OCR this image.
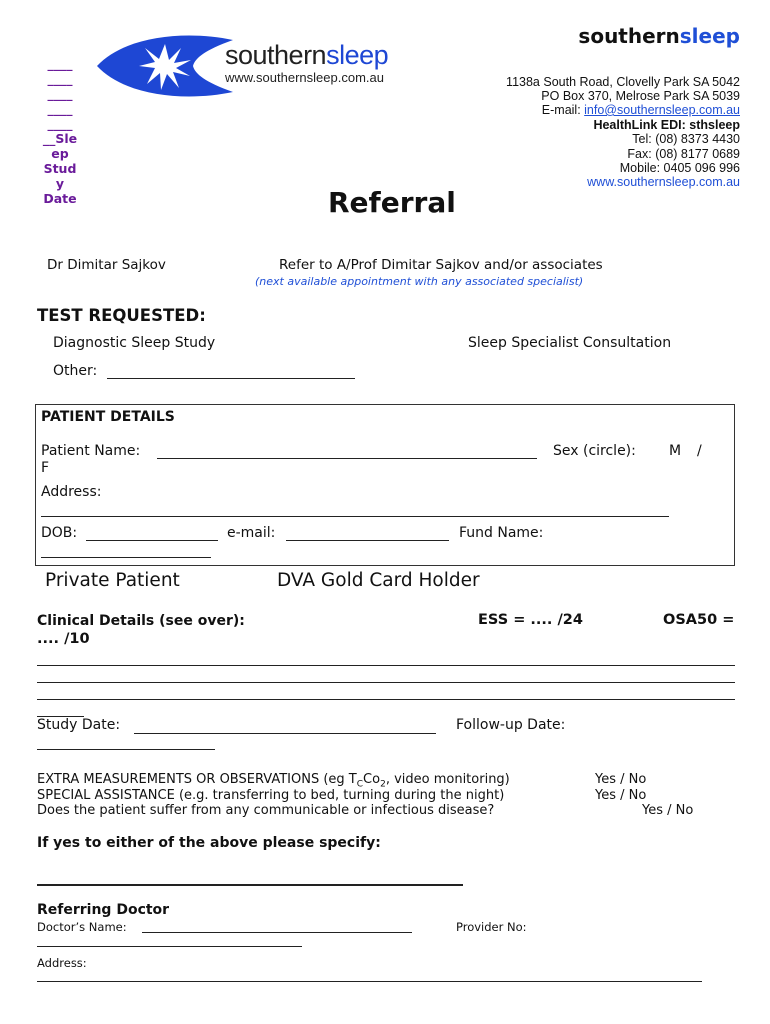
____
____
____
____
____
__Sle
ep
Stud
y
Date
southernsleep
www.southernsleep.com.au
southernsleep
1138a South Road, Clovelly Park SA 5042
PO Box 370, Melrose Park SA 5039
E-mail: info@southernsleep.com.au
HealthLink EDI: sthsleep
Tel: (08) 8373 4430
Fax: (08) 8177 0689
Mobile: 0405 096 996
www.southernsleep.com.au
Referral
Dr Dimitar Sajkov	Refer to A/Prof Dimitar Sajkov and/or associates
(next available appointment with any associated specialist)
TEST REQUESTED:
Diagnostic Sleep Study	Sleep Specialist Consultation
Other:
PATIENT DETAILS
Patient Name:	Sex (circle): M /
F
Address:
DOB:	e-mail:	Fund Name:
Private Patient	DVA Gold Card Holder
Clinical Details (see over):	ESS = .... /24	OSA50 =
.... /10
Study Date:	Follow-up Date:
EXTRA MEASUREMENTS OR OBSERVATIONS (eg $T_CCo_2$, video monitoring)	Yes / No
SPECIAL ASSISTANCE (e.g. transferring to bed, turning during the night)	Yes / No
Does the patient suffer from any communicable or infectious disease?	Yes / No
If yes to either of the above please specify:
Referring Doctor
Doctor’s Name:	Provider No:
Address:
